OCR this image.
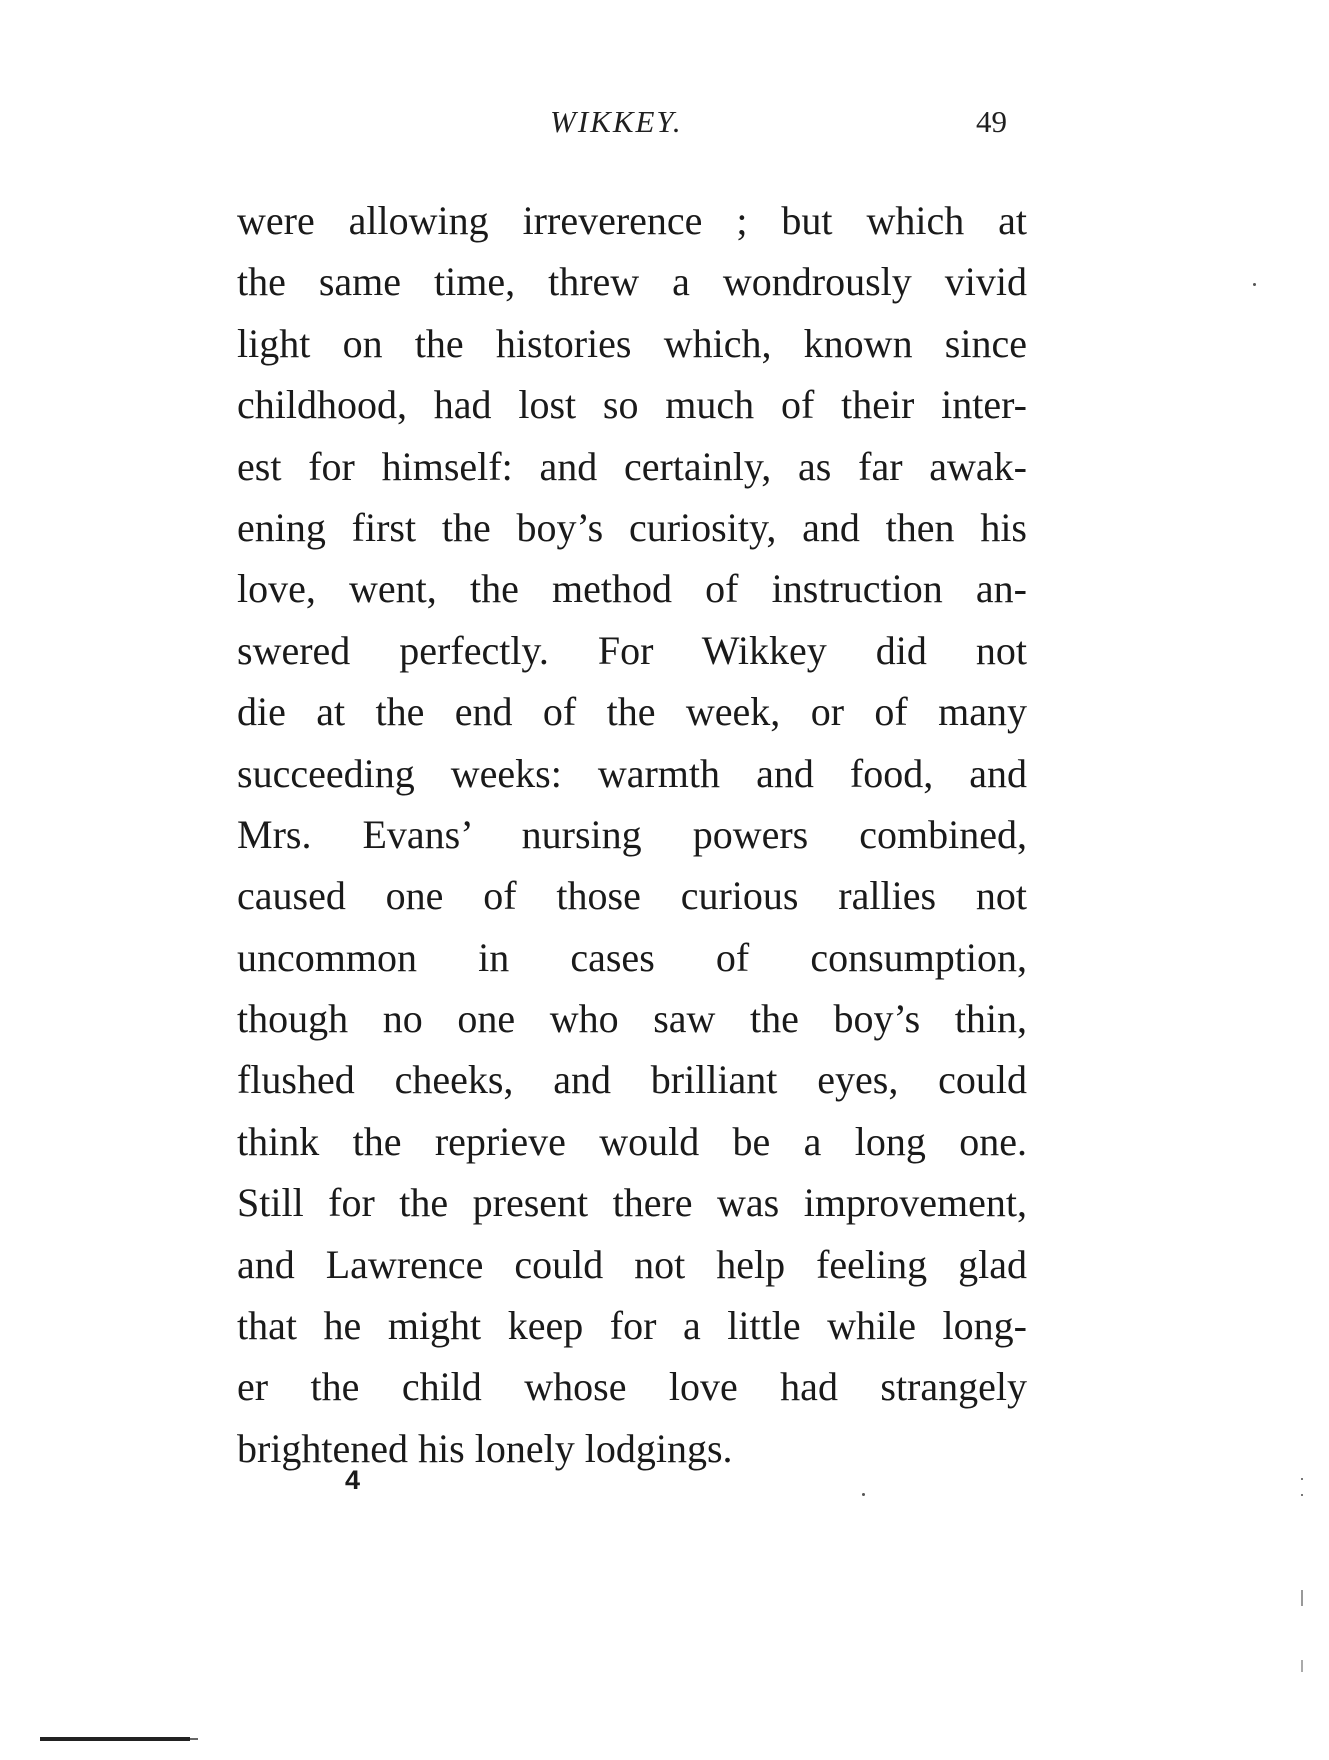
WIKKEY.	49
were allowing irreverence ; but which at
the same time, threw a wondrously vivid
light on the histories which, known since
childhood, had lost so much of their inter-
est for himself: and certainly, as far awak-
ening first the boy’s curiosity, and then his
love, went, the method of instruction an-
swered perfectly. For Wikkey did not
die at the end of the week, or of many
succeeding weeks: warmth and food, and
Mrs. Evans’ nursing powers combined,
caused one of those curious rallies not
uncommon in cases of consumption,
though no one who saw the boy’s thin,
flushed cheeks, and brilliant eyes, could
think the reprieve would be a long one.
Still for the present there was improvement,
and Lawrence could not help feeling glad
that he might keep for a little while long-
er the child whose love had strangely
brightened his lonely lodgings.
4
